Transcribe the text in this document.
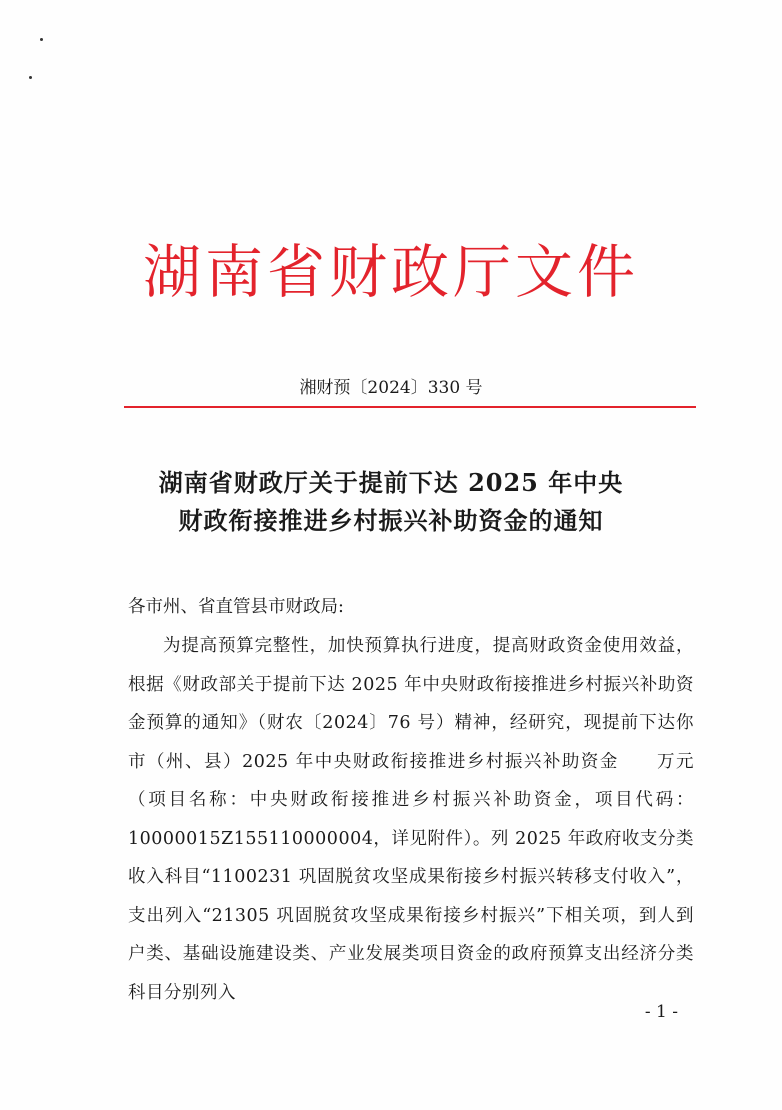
湖南省财政厅文件
湘财预〔2024〕330 号
湖南省财政厅关于提前下达 2025 年中央
财政衔接推进乡村振兴补助资金的通知
各市州、省直管县市财政局:
为提高预算完整性，加快预算执行进度，提高财政资金使用效益，根据《财政部关于提前下达 2025 年中央财政衔接推进乡村振兴补助资金预算的通知》（财农〔2024〕76 号）精神，经研究，现提前下达你市（州、县）2025 年中央财政衔接推进乡村振兴补助资金　　万元（项目名称：中央财政衔接推进乡村振兴补助资金，项目代码：10000015Z155110000004，详见附件）。列 2025 年政府收支分类收入科目“1100231 巩固脱贫攻坚成果衔接乡村振兴转移支付收入”，支出列入“21305 巩固脱贫攻坚成果衔接乡村振兴”下相关项，到人到户类、基础设施建设类、产业发展类项目资金的政府预算支出经济分类科目分别列入
- 1 -
